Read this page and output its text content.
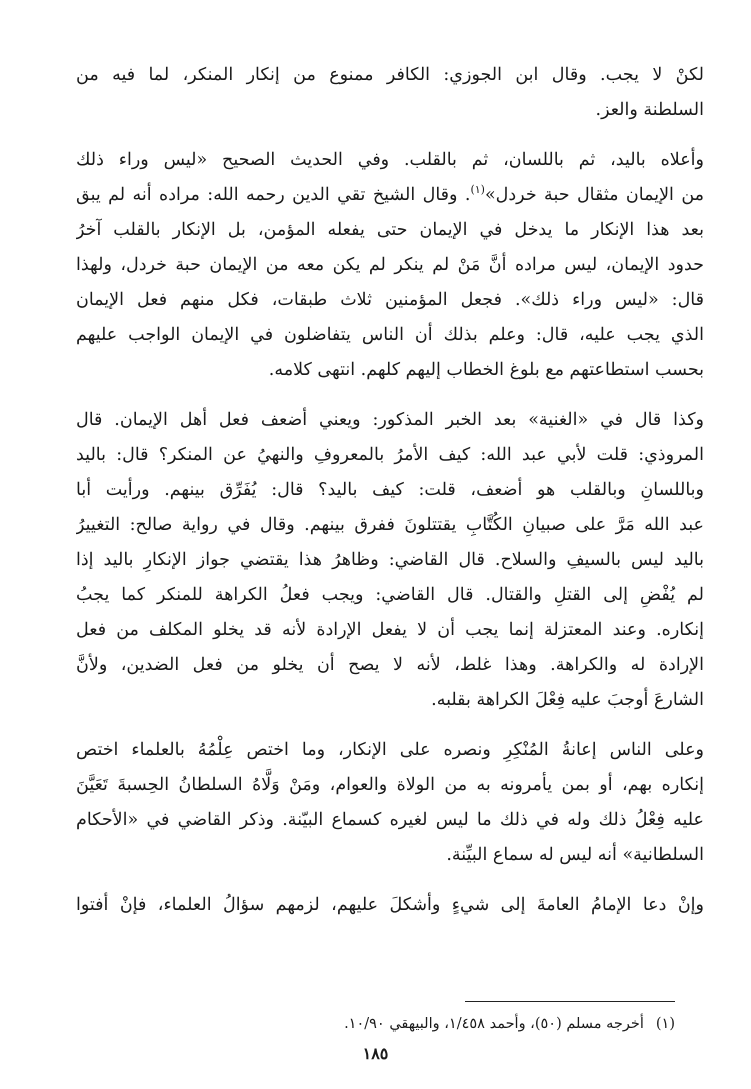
لكنْ لا يجب. وقال ابن الجوزي: الكافر ممنوع من إنكار المنكر، لما فيه من
السلطنة والعز.
وأعلاه باليد، ثم باللسان، ثم بالقلب. وفي الحديث الصحيح «ليس وراء ذلك
من الإيمان مثقال حبة خردل»$^{(١)}$. وقال الشيخ تقي الدين رحمه الله: مراده أنه لم يبق
بعد هذا الإنكار ما يدخل في الإيمان حتى يفعله المؤمن، بل الإنكار بالقلب آخرُ
حدود الإيمان، ليس مراده أنَّ مَنْ لم ينكر لم يكن معه من الإيمان حبة خردل، ولهذا
قال: «ليس وراء ذلك». فجعل المؤمنين ثلاث طبقات، فكل منهم فعل الإيمان
الذي يجب عليه، قال: وعلم بذلك أن الناس يتفاضلون في الإيمان الواجب عليهم
بحسب استطاعتهم مع بلوغ الخطاب إليهم كلهم. انتهى كلامه.
وكذا قال في «الغنية» بعد الخبر المذكور: ويعني أضعف فعل أهل الإيمان. قال
المروذي: قلت لأبي عبد الله: كيف الأمرُ بالمعروفِ والنهيُ عن المنكر؟ قال: باليد
وباللسانِ وبالقلب هو أضعف، قلت: كيف باليد؟ قال: يُفَرِّق بينهم. ورأيت أبا
عبد الله مَرَّ على صبيانِ الكُتَّابِ يقتتلونَ ففرق بينهم. وقال في رواية صالح: التغييرُ
باليد ليس بالسيفِ والسلاح. قال القاضي: وظاهرُ هذا يقتضي جواز الإنكارِ باليد إذا
لم يُفْضِ إلى القتلِ والقتال. قال القاضي: ويجب فعلُ الكراهة للمنكر كما يجبُ
إنكاره. وعند المعتزلة إنما يجب أن لا يفعل الإرادة لأنه قد يخلو المكلف من فعل
الإرادة له والكراهة. وهذا غلط، لأنه لا يصح أن يخلو من فعل الضدين، ولأنَّ
الشارعَ أوجبَ عليه فِعْلَ الكراهة بقلبه.
وعلى الناس إعانةُ المُنْكِرِ ونصره على الإنكار، وما اختص عِلْمُهُ بالعلماء اختص
إنكاره بهم، أو بمن يأمرونه به من الولاة والعوام، ومَنْ وَلَّاهُ السلطانُ الحِسبةَ تَعَيَّنَ
عليه فِعْلُ ذلك وله في ذلك ما ليس لغيره كسماع البيّنة. وذكر القاضي في «الأحكام
السلطانية» أنه ليس له سماع البيِّنة.
وإنْ دعا الإمامُ العامةَ إلى شيءٍ وأشكلَ عليهم، لزمهم سؤالُ العلماء، فإنْ أفتوا
(١)أخرجه مسلم (٥٠)، وأحمد ١/٤٥٨، والبيهقي ١٠/٩٠.
١٨٥
